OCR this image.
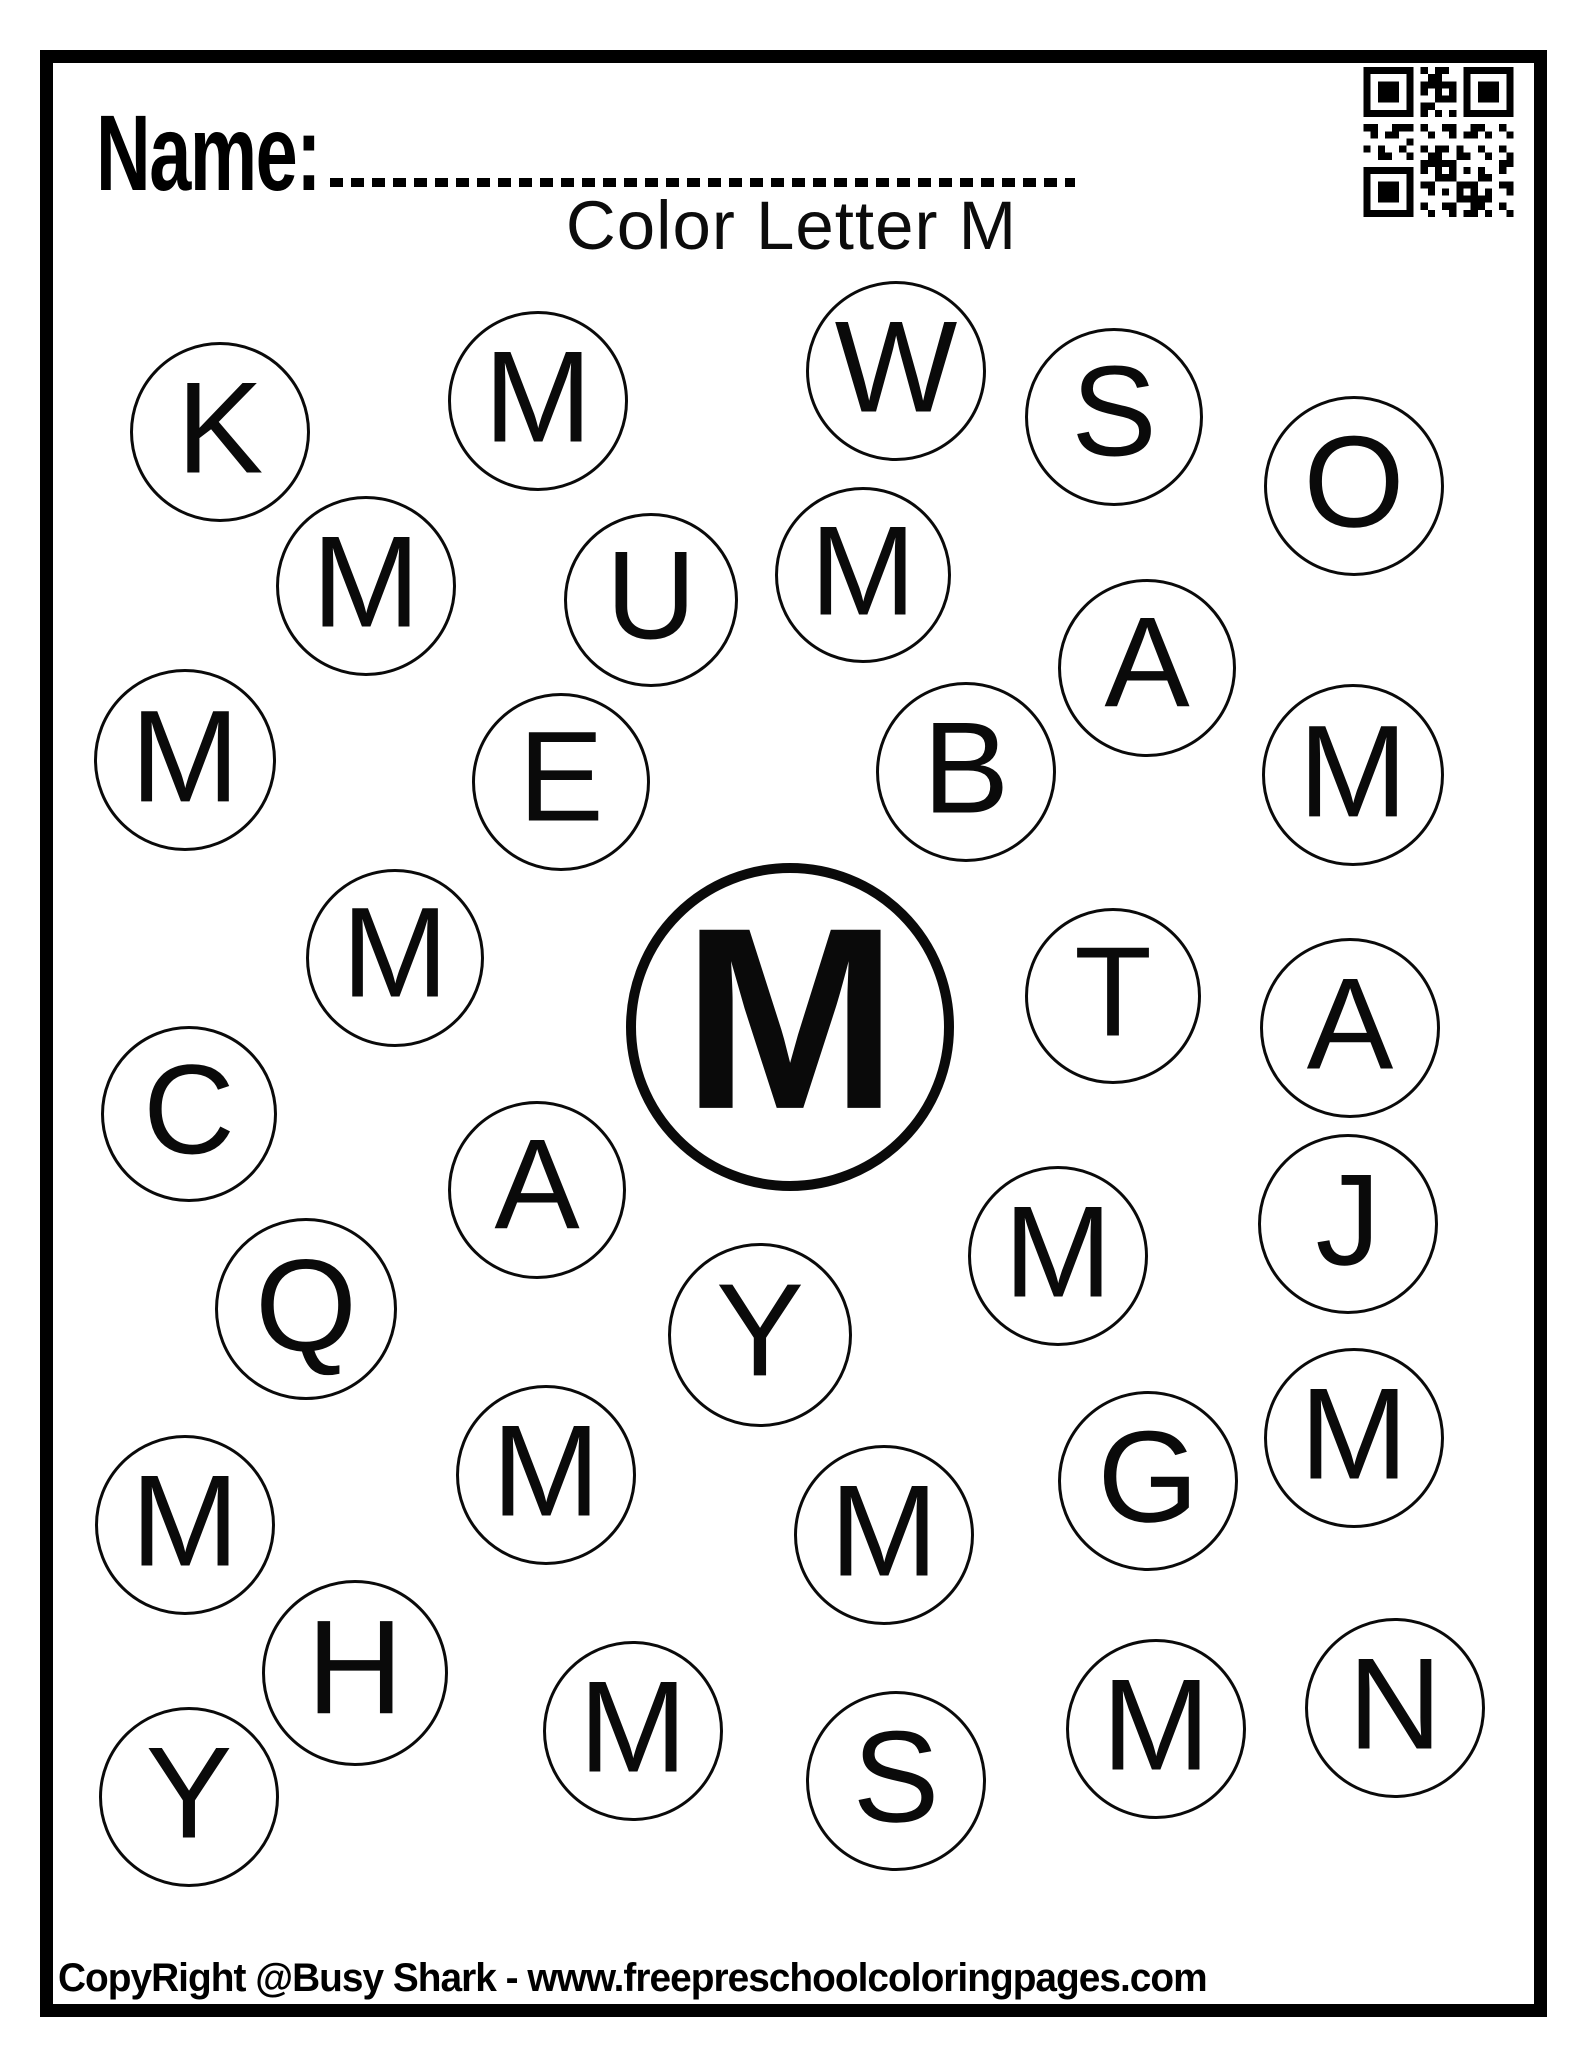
Name:
Color Letter M
K M W S O
M U M
A
M E B M
M M T A
C
A	M J
Q	Y
M	G M
M	M
H M S M N
Y
CopyRight @Busy Shark - www.freepreschoolcoloringpages.com
